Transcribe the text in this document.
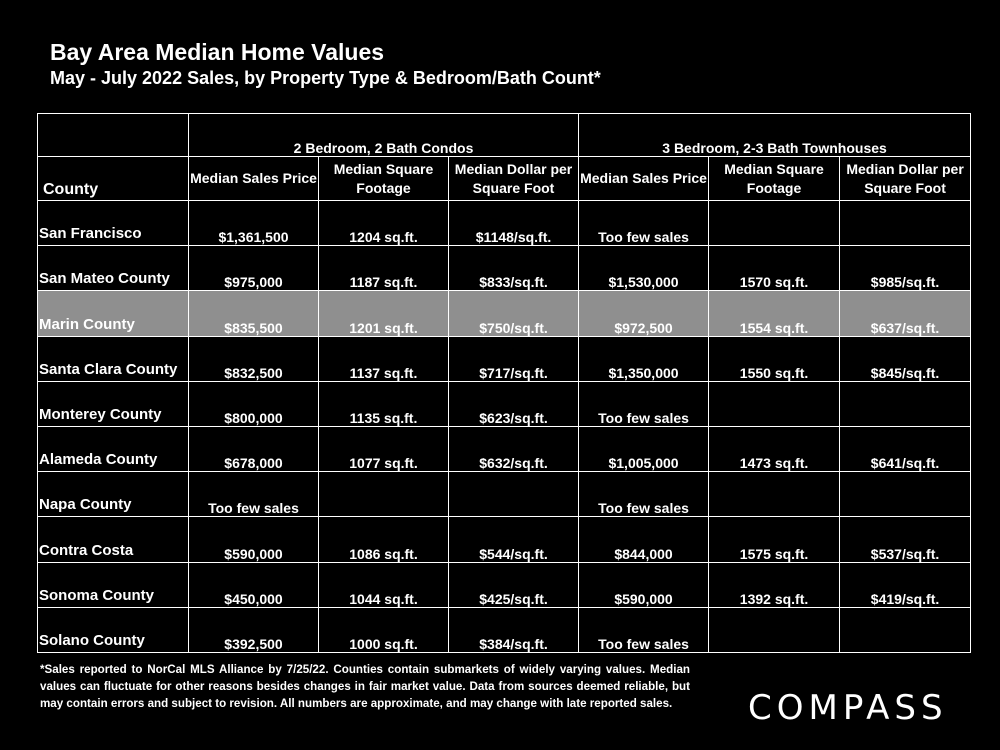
Bay Area Median Home Values
May - July 2022 Sales, by Property Type & Bedroom/Bath Count*
	2 Bedroom, 2 Bath Condos			3 Bedroom, 2-3 Bath Townhouses		
County	Median Sales Price	Median Square Footage	Median Dollar per Square Foot	Median Sales Price	Median Square Footage	Median Dollar per Square Foot
San Francisco	$1,361,500	1204 sq.ft.	$1148/sq.ft.	Too few sales		
San Mateo County	$975,000	1187 sq.ft.	$833/sq.ft.	$1,530,000	1570 sq.ft.	$985/sq.ft.
Marin County	$835,500	1201 sq.ft.	$750/sq.ft.	$972,500	1554 sq.ft.	$637/sq.ft.
Santa Clara County	$832,500	1137 sq.ft.	$717/sq.ft.	$1,350,000	1550 sq.ft.	$845/sq.ft.
Monterey County	$800,000	1135 sq.ft.	$623/sq.ft.	Too few sales		
Alameda County	$678,000	1077 sq.ft.	$632/sq.ft.	$1,005,000	1473 sq.ft.	$641/sq.ft.
Napa County	Too few sales			Too few sales		
Contra Costa	$590,000	1086 sq.ft.	$544/sq.ft.	$844,000	1575 sq.ft.	$537/sq.ft.
Sonoma County	$450,000	1044 sq.ft.	$425/sq.ft.	$590,000	1392 sq.ft.	$419/sq.ft.
Solano County	$392,500	1000 sq.ft.	$384/sq.ft.	Too few sales		
*Sales reported to NorCal MLS Alliance by 7/25/22. Counties contain submarkets of widely varying values. Median values can fluctuate for other reasons besides changes in fair market value. Data from sources deemed reliable, but may contain errors and subject to revision. All numbers are approximate, and may change with late reported sales.	COMPASS
